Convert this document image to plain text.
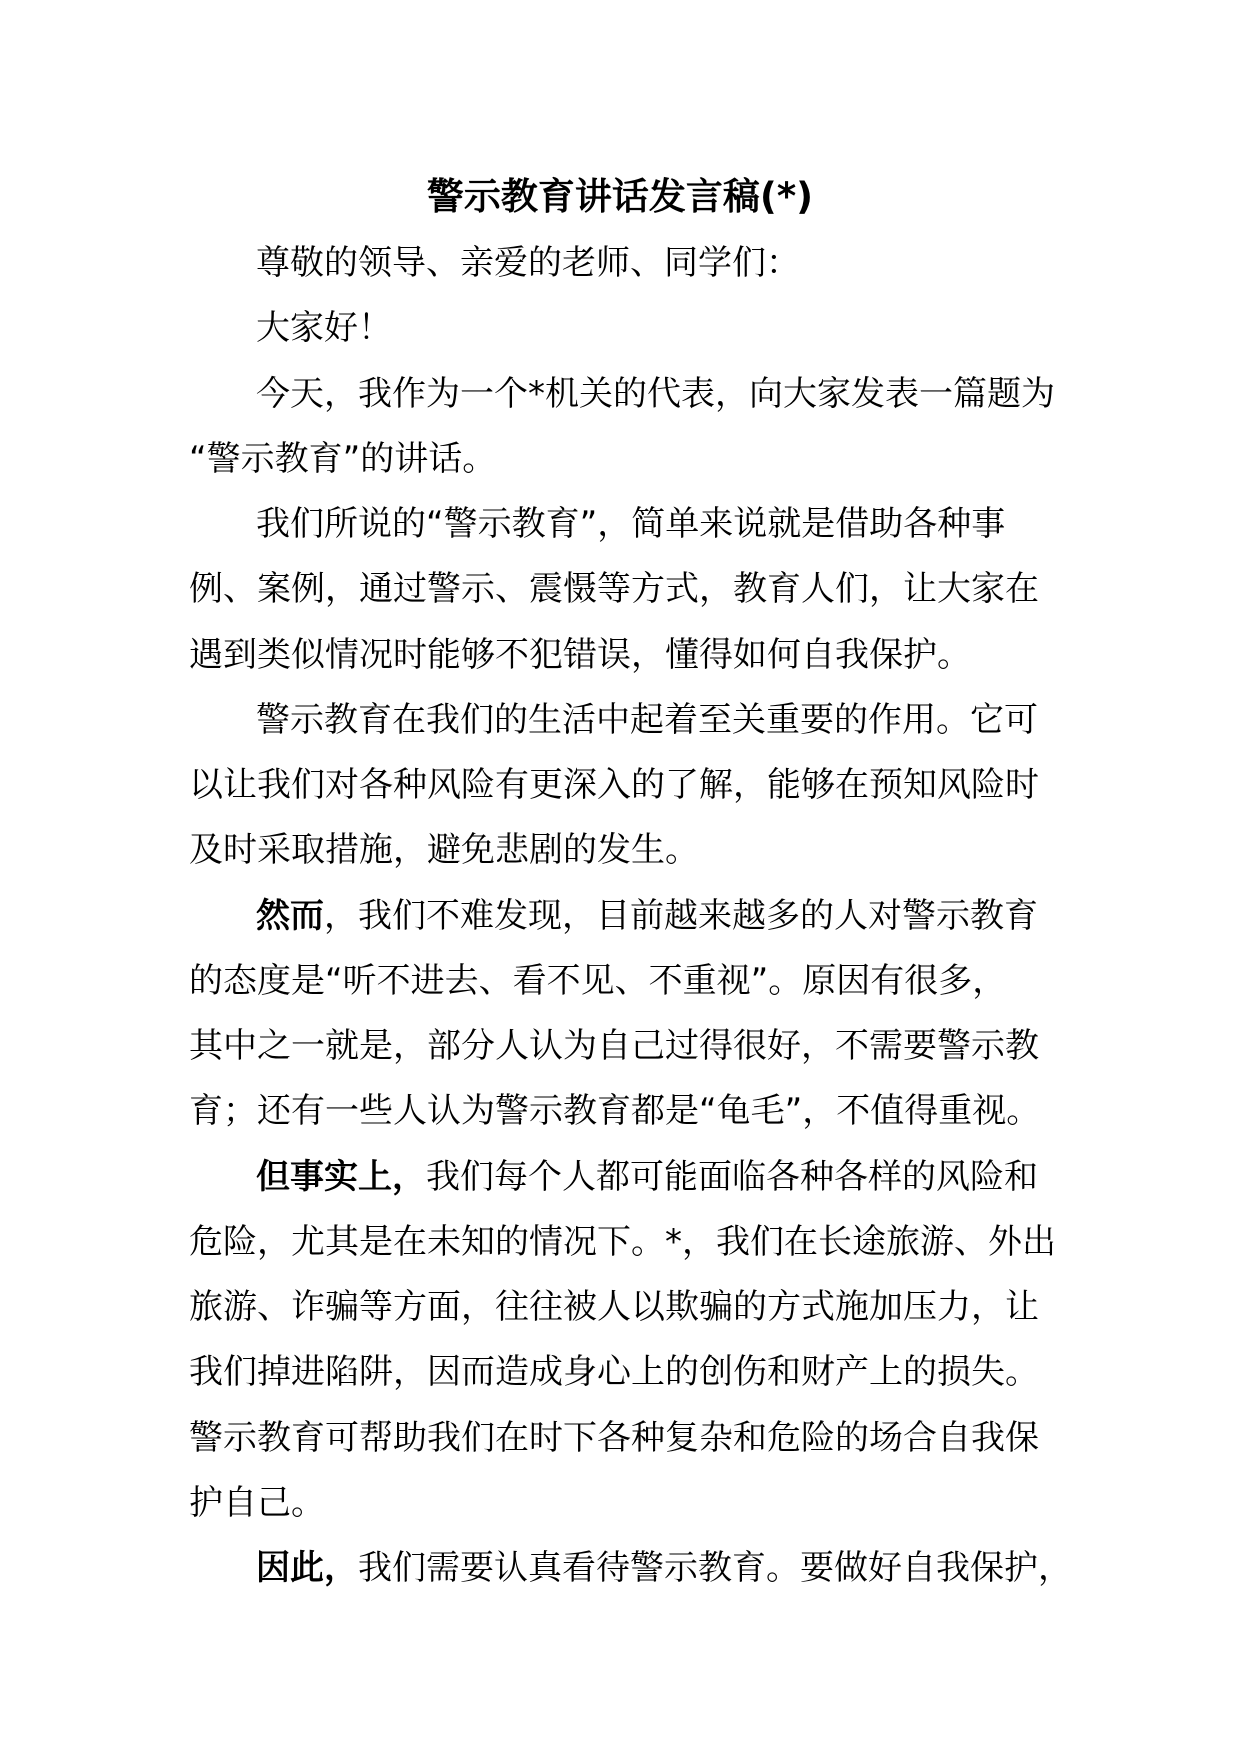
警示教育讲话发言稿(*)
尊敬的领导、亲爱的老师、同学们：
大家好！
今天，我作为一个*机关的代表，向大家发表一篇题为
“警示教育”的讲话。
我们所说的“警示教育”，简单来说就是借助各种事
例、案例，通过警示、震慑等方式，教育人们，让大家在
遇到类似情况时能够不犯错误，懂得如何自我保护。
警示教育在我们的生活中起着至关重要的作用。它可
以让我们对各种风险有更深入的了解，能够在预知风险时
及时采取措施，避免悲剧的发生。
然而，我们不难发现，目前越来越多的人对警示教育
的态度是“听不进去、看不见、不重视”。原因有很多，
其中之一就是，部分人认为自己过得很好，不需要警示教
育；还有一些人认为警示教育都是“龟毛”，不值得重视。
但事实上，我们每个人都可能面临各种各样的风险和
危险，尤其是在未知的情况下。*，我们在长途旅游、外出
旅游、诈骗等方面，往往被人以欺骗的方式施加压力，让
我们掉进陷阱，因而造成身心上的创伤和财产上的损失。
警示教育可帮助我们在时下各种复杂和危险的场合自我保
护自己。
因此，我们需要认真看待警示教育。要做好自我保护，
